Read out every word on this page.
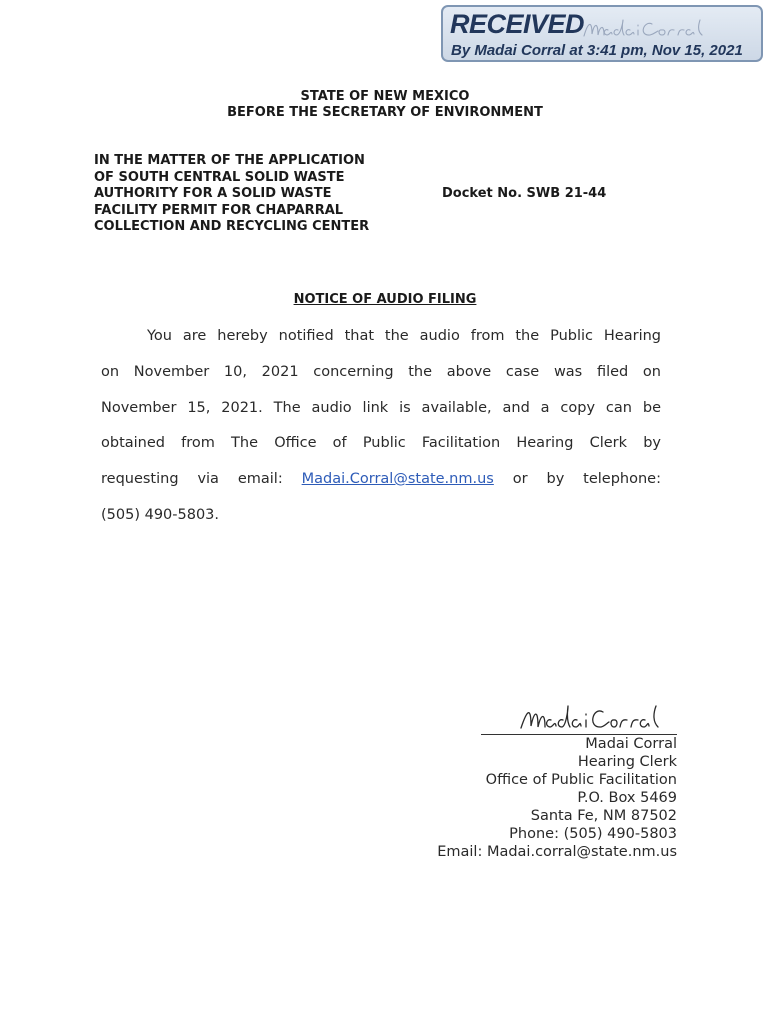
RECEIVED
By Madai Corral at 3:41 pm, Nov 15, 2021
STATE OF NEW MEXICO
BEFORE THE SECRETARY OF ENVIRONMENT
IN THE MATTER OF THE APPLICATION
OF SOUTH CENTRAL SOLID WASTE
AUTHORITY FOR A SOLID WASTE
FACILITY PERMIT FOR CHAPARRAL
COLLECTION AND RECYCLING CENTER
Docket No. SWB 21-44
NOTICE OF AUDIO FILING
You are hereby notified that the audio from the Public Hearing
on November 10, 2021 concerning the above case was filed on
November 15, 2021. The audio link is available, and a copy can be
obtained from The Office of Public Facilitation Hearing Clerk by
requesting via email: Madai.Corral@state.nm.us or by telephone:
(505) 490-5803.
Madai Corral
Hearing Clerk
Office of Public Facilitation
P.O. Box 5469
Santa Fe, NM 87502
Phone: (505) 490-5803
Email: Madai.corral@state.nm.us
